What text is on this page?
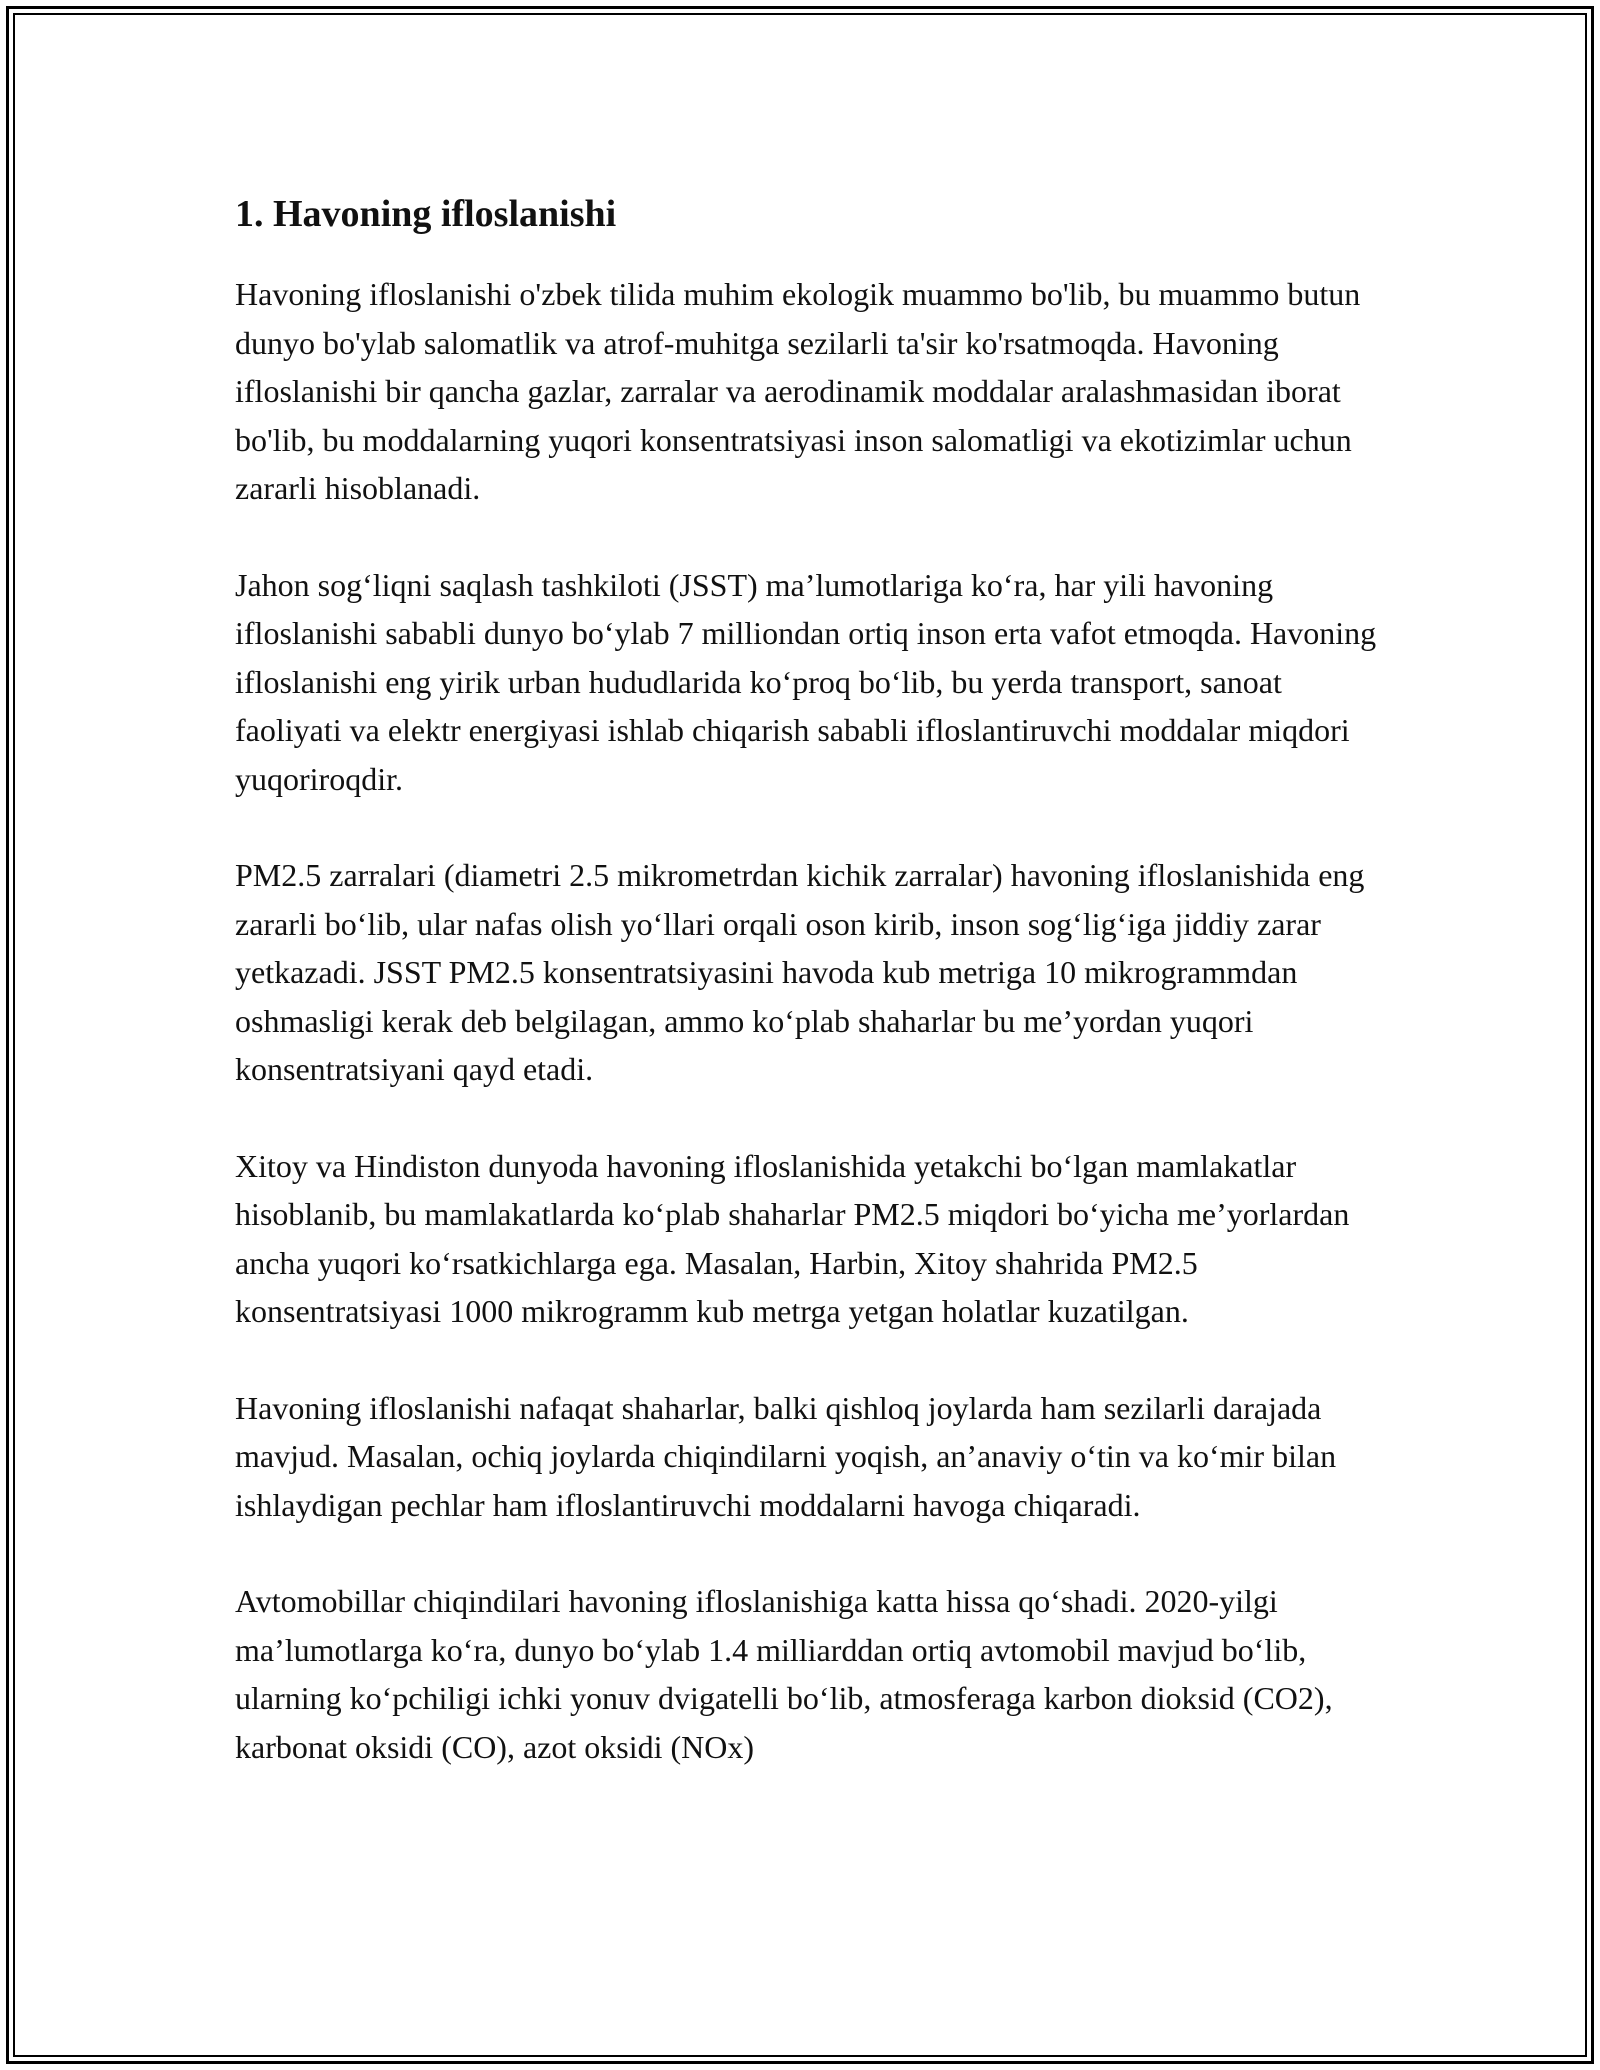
1. Havoning ifloslanishi

Havoning ifloslanishi o'zbek tilida muhim ekologik muammo bo'lib, bu muammo butun dunyo bo'ylab salomatlik va atrof-muhitga sezilarli ta'sir ko'rsatmoqda. Havoning ifloslanishi bir qancha gazlar, zarralar va aerodinamik moddalar aralashmasidan iborat bo'lib, bu moddalarning yuqori konsentratsiyasi inson salomatligi va ekotizimlar uchun zararli hisoblanadi.

Jahon sog‘liqni saqlash tashkiloti (JSST) ma’lumotlariga ko‘ra, har yili havoning ifloslanishi sababli dunyo bo‘ylab 7 milliondan ortiq inson erta vafot etmoqda. Havoning ifloslanishi eng yirik urban hududlarida ko‘proq bo‘lib, bu yerda transport, sanoat faoliyati va elektr energiyasi ishlab chiqarish sababli ifloslantiruvchi moddalar miqdori yuqoriroqdir.

PM2.5 zarralari (diametri 2.5 mikrometrdan kichik zarralar) havoning ifloslanishida eng zararli bo‘lib, ular nafas olish yo‘llari orqali oson kirib, inson sog‘lig‘iga jiddiy zarar yetkazadi. JSST PM2.5 konsentratsiyasini havoda kub metriga 10 mikrogrammdan oshmasligi kerak deb belgilagan, ammo ko‘plab shaharlar bu me’yordan yuqori konsentratsiyani qayd etadi.

Xitoy va Hindiston dunyoda havoning ifloslanishida yetakchi bo‘lgan mamlakatlar hisoblanib, bu mamlakatlarda ko‘plab shaharlar PM2.5 miqdori bo‘yicha me’yorlardan ancha yuqori ko‘rsatkichlarga ega. Masalan, Harbin, Xitoy shahrida PM2.5 konsentratsiyasi 1000 mikrogramm kub metrga yetgan holatlar kuzatilgan.

Havoning ifloslanishi nafaqat shaharlar, balki qishloq joylarda ham sezilarli darajada mavjud. Masalan, ochiq joylarda chiqindilarni yoqish, an’anaviy o‘tin va ko‘mir bilan ishlaydigan pechlar ham ifloslantiruvchi moddalarni havoga chiqaradi.

Avtomobillar chiqindilari havoning ifloslanishiga katta hissa qo‘shadi. 2020-yilgi ma’lumotlarga ko‘ra, dunyo bo‘ylab 1.4 milliarddan ortiq avtomobil mavjud bo‘lib, ularning ko‘pchiligi ichki yonuv dvigatelli bo‘lib, atmosferaga karbon dioksid (CO2), karbonat oksidi (CO), azot oksidi (NOx)
